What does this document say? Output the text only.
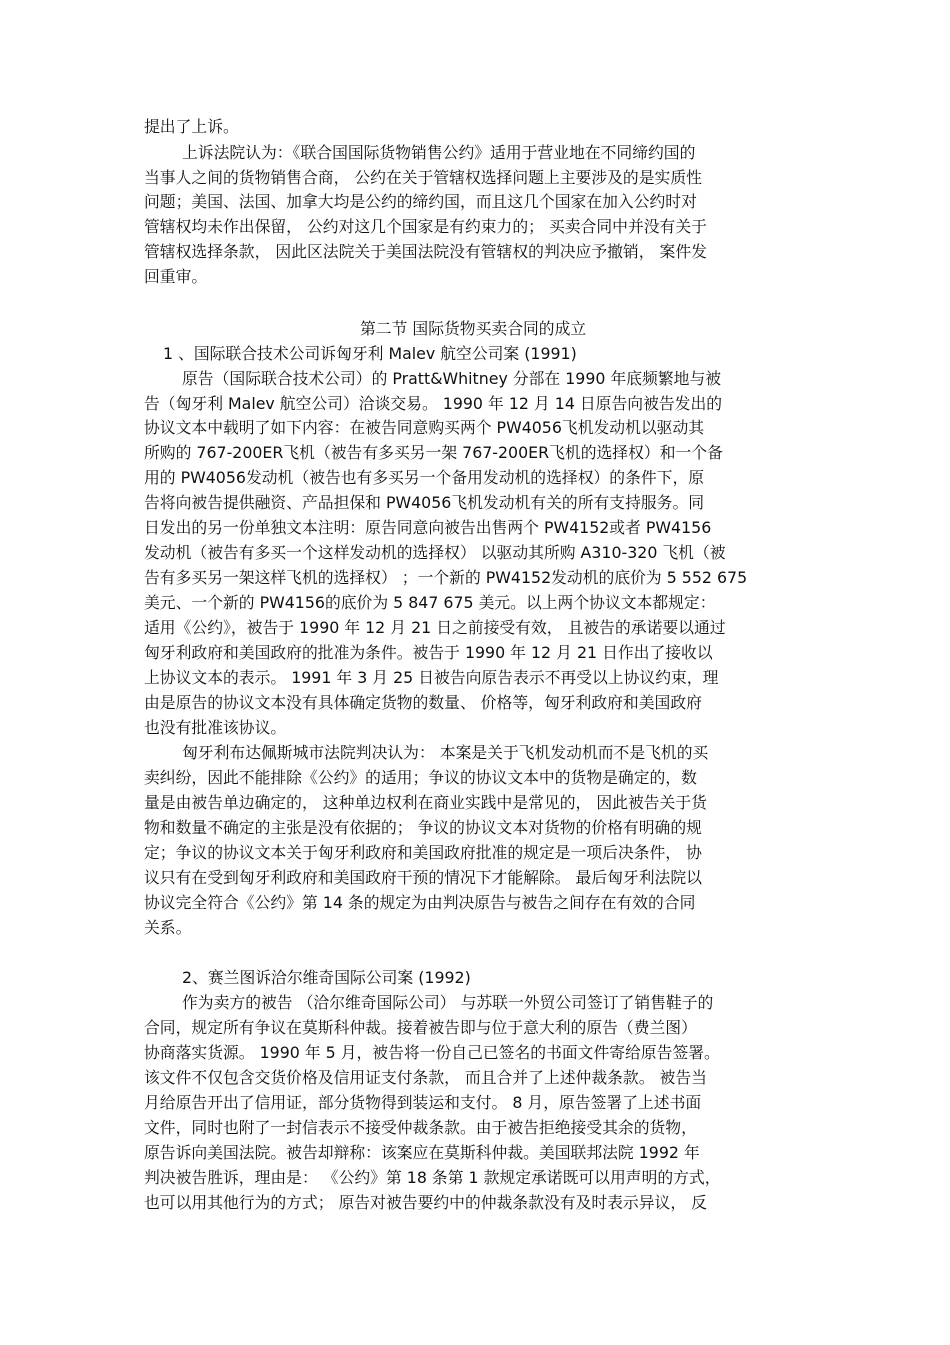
提出了上诉。

上诉法院认为：《联合国国际货物销售公约》适用于营业地在不同缔约国的

当事人之间的货物销售合商， 公约在关于管辖权选择问题上主要涉及的是实质性

问题；美国、法国、加拿大均是公约的缔约国，而且这几个国家在加入公约时对

管辖权均未作出保留， 公约对这几个国家是有约束力的； 买卖合同中并没有关于

管辖权选择条款， 因此区法院关于美国法院没有管辖权的判决应予撤销， 案件发

回重审。

第二节 国际货物买卖合同的成立

1 、国际联合技术公司诉匈牙利 Malev 航空公司案 (1991)

原告（国际联合技术公司）的 Pratt&Whitney 分部在 1990 年底频繁地与被

告（匈牙利 Malev 航空公司）洽谈交易。 1990 年 12 月 14 日原告向被告发出的

协议文本中载明了如下内容：在被告同意购买两个 PW4056飞机发动机以驱动其

所购的 767-200ER飞机（被告有多买另一架 767-200ER飞机的选择权）和一个备

用的 PW4056发动机（被告也有多买另一个备用发动机的选择权）的条件下，原

告将向被告提供融资、产品担保和 PW4056飞机发动机有关的所有支持服务。同

日发出的另一份单独文本注明：原告同意向被告出售两个 PW4152或者 PW4156

发动机（被告有多买一个这样发动机的选择权） 以驱动其所购 A310-320 飞机（被

告有多买另一架这样飞机的选择权） ；一个新的 PW4152发动机的底价为 5 552 675

美元、一个新的 PW4156的底价为 5 847 675 美元。以上两个协议文本都规定：

适用《公约》，被告于 1990 年 12 月 21 日之前接受有效， 且被告的承诺要以通过

匈牙利政府和美国政府的批准为条件。被告于 1990 年 12 月 21 日作出了接收以

上协议文本的表示。 1991 年 3 月 25 日被告向原告表示不再受以上协议约束，理

由是原告的协议文本没有具体确定货物的数量、 价格等，匈牙利政府和美国政府

也没有批准该协议。

匈牙利布达佩斯城市法院判决认为： 本案是关于飞机发动机而不是飞机的买

卖纠纷，因此不能排除《公约》的适用；争议的协议文本中的货物是确定的，数

量是由被告单边确定的， 这种单边权利在商业实践中是常见的， 因此被告关于货

物和数量不确定的主张是没有依据的； 争议的协议文本对货物的价格有明确的规

定；争议的协议文本关于匈牙利政府和美国政府批准的规定是一项后决条件， 协

议只有在受到匈牙利政府和美国政府干预的情况下才能解除。 最后匈牙利法院以

协议完全符合《公约》第 14 条的规定为由判决原告与被告之间存在有效的合同

关系。

2、赛兰图诉洽尔维奇国际公司案 (1992)

作为卖方的被告 （洽尔维奇国际公司） 与苏联一外贸公司签订了销售鞋子的

合同，规定所有争议在莫斯科仲裁。接着被告即与位于意大利的原告（费兰图）

协商落实货源。 1990 年 5 月，被告将一份自己已签名的书面文件寄给原告签署。

该文件不仅包含交货价格及信用证支付条款， 而且合并了上述仲裁条款。 被告当

月给原告开出了信用证，部分货物得到装运和支付。 8 月，原告签署了上述书面

文件，同时也附了一封信表示不接受仲裁条款。由于被告拒绝接受其余的货物，

原告诉向美国法院。被告却辩称：该案应在莫斯科仲裁。美国联邦法院 1992 年

判决被告胜诉，理由是： 《公约》第 18 条第 1 款规定承诺既可以用声明的方式，

也可以用其他行为的方式； 原告对被告要约中的仲裁条款没有及时表示异议， 反
